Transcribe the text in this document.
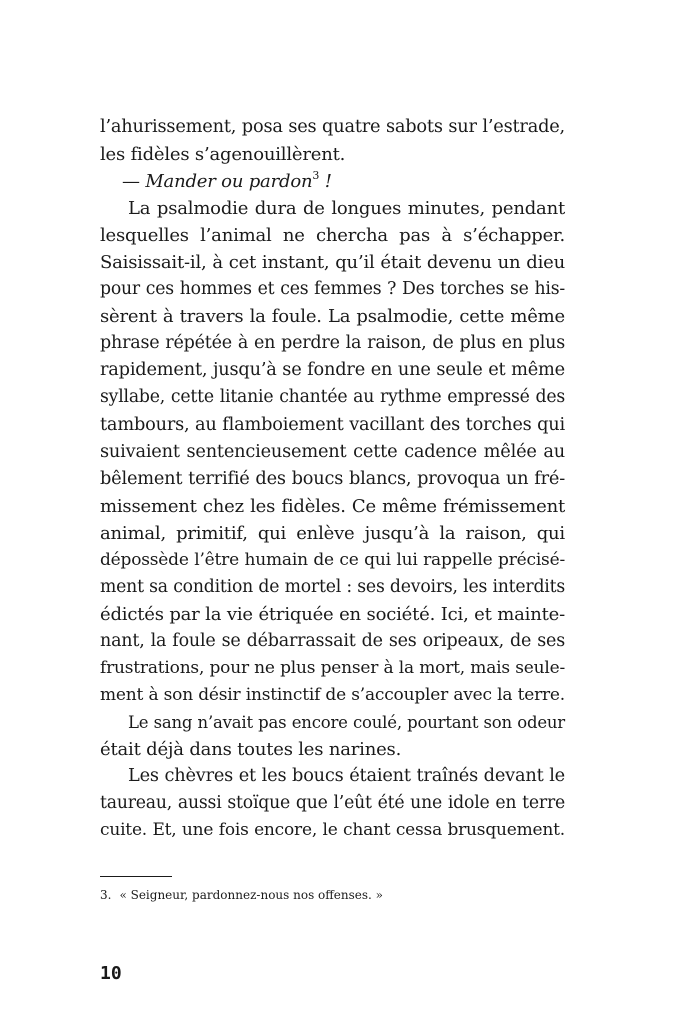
l’ahurissement, posa ses quatre sabots sur l’estrade,
les fidèles s’agenouillèrent.
— Mander ou pardon$^3$ !
La psalmodie dura de longues minutes, pendant
lesquelles l’animal ne chercha pas à s’échapper.
Saisissait-il, à cet instant, qu’il était devenu un dieu
pour ces hommes et ces femmes ? Des torches se his-
sèrent à travers la foule. La psalmodie, cette même
phrase répétée à en perdre la raison, de plus en plus
rapidement, jusqu’à se fondre en une seule et même
syllabe, cette litanie chantée au rythme empressé des
tambours, au flamboiement vacillant des torches qui
suivaient sentencieusement cette cadence mêlée au
bêlement terrifié des boucs blancs, provoqua un fré-
missement chez les fidèles. Ce même frémissement
animal, primitif, qui enlève jusqu’à la raison, qui
dépossède l’être humain de ce qui lui rappelle précisé-
ment sa condition de mortel : ses devoirs, les interdits
édictés par la vie étriquée en société. Ici, et mainte-
nant, la foule se débarrassait de ses oripeaux, de ses
frustrations, pour ne plus penser à la mort, mais seule-
ment à son désir instinctif de s’accoupler avec la terre.
Le sang n’avait pas encore coulé, pourtant son odeur
était déjà dans toutes les narines.
Les chèvres et les boucs étaient traînés devant le
taureau, aussi stoïque que l’eût été une idole en terre
cuite. Et, une fois encore, le chant cessa brusquement.
3. « Seigneur, pardonnez-nous nos offenses. »
10
